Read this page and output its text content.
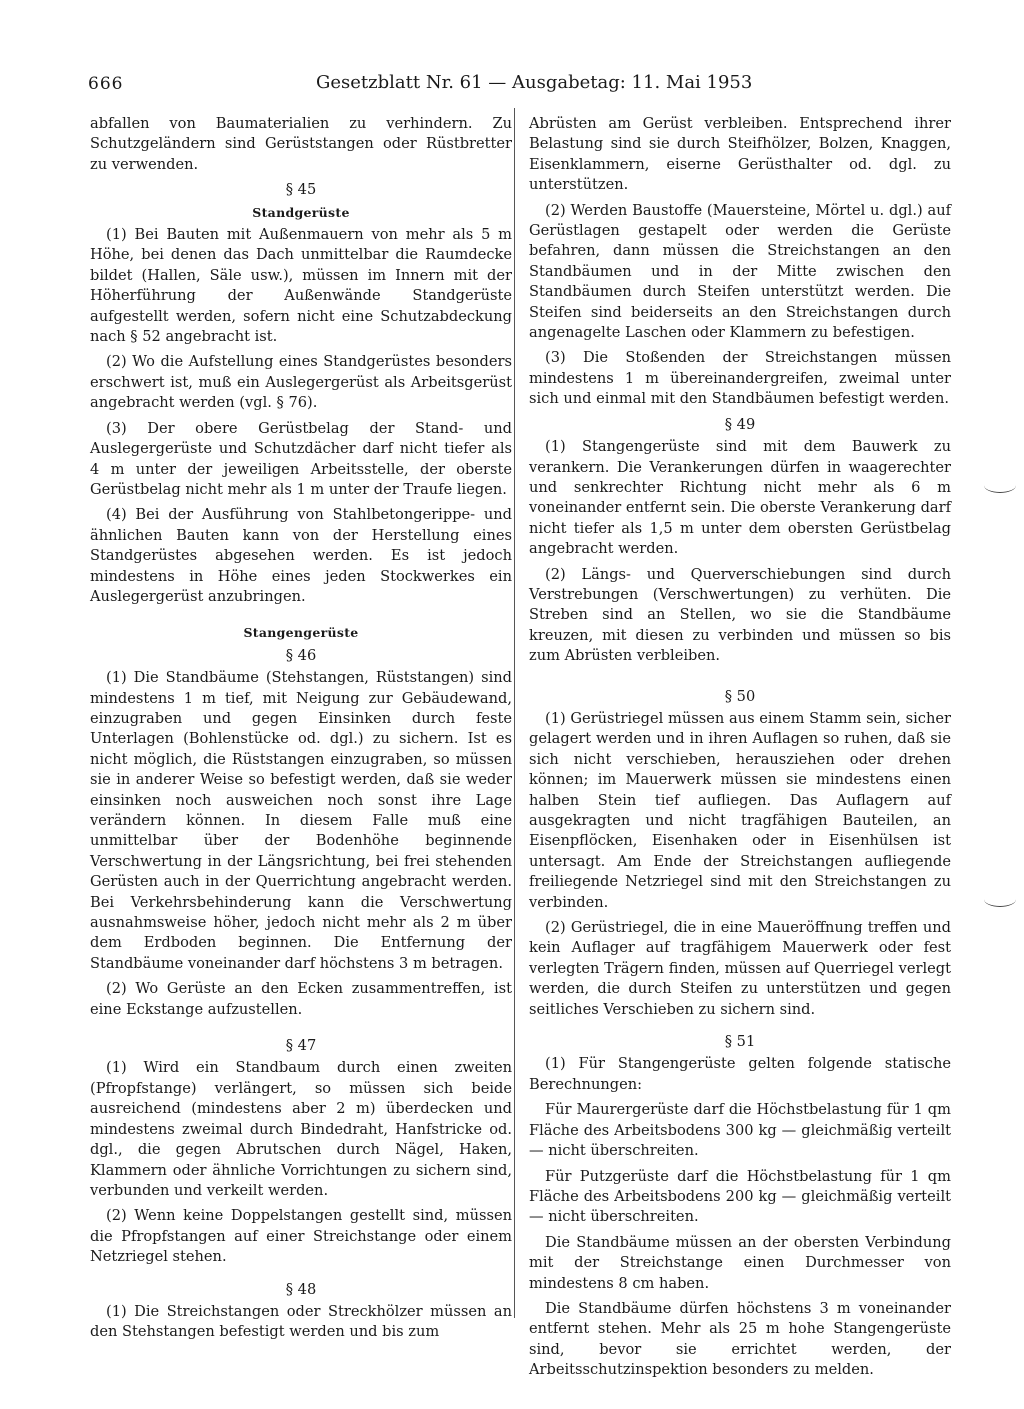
666	Gesetzblatt Nr. 61 — Ausgabetag: 11. Mai 1953

abfallen von Baumaterialien zu verhindern. Zu Schutzgeländern sind Gerüststangen oder Rüstbretter zu verwenden.

§ 45
Standgerüste

(1) Bei Bauten mit Außenmauern von mehr als 5 m Höhe, bei denen das Dach unmittelbar die Raumdecke bildet (Hallen, Säle usw.), müssen im Innern mit der Höherführung der Außenwände Standgerüste aufgestellt werden, sofern nicht eine Schutzabdeckung nach § 52 angebracht ist.

(2) Wo die Aufstellung eines Standgerüstes besonders erschwert ist, muß ein Auslegergerüst als Arbeitsgerüst angebracht werden (vgl. § 76).

(3) Der obere Gerüstbelag der Stand- und Auslegergerüste und Schutzdächer darf nicht tiefer als 4 m unter der jeweiligen Arbeitsstelle, der oberste Gerüstbelag nicht mehr als 1 m unter der Traufe liegen.

(4) Bei der Ausführung von Stahlbetongerippe- und ähnlichen Bauten kann von der Herstellung eines Standgerüstes abgesehen werden. Es ist jedoch mindestens in Höhe eines jeden Stockwerkes ein Auslegergerüst anzubringen.

Stangengerüste
§ 46

(1) Die Standbäume (Stehstangen, Rüststangen) sind mindestens 1 m tief, mit Neigung zur Gebäudewand, einzugraben und gegen Einsinken durch feste Unterlagen (Bohlenstücke od. dgl.) zu sichern. Ist es nicht möglich, die Rüststangen einzugraben, so müssen sie in anderer Weise so befestigt werden, daß sie weder einsinken noch ausweichen noch sonst ihre Lage verändern können. In diesem Falle muß eine unmittelbar über der Bodenhöhe beginnende Verschwertung in der Längsrichtung, bei frei stehenden Gerüsten auch in der Querrichtung angebracht werden. Bei Verkehrsbehinderung kann die Verschwertung ausnahmsweise höher, jedoch nicht mehr als 2 m über dem Erdboden beginnen. Die Entfernung der Standbäume voneinander darf höchstens 3 m betragen.

(2) Wo Gerüste an den Ecken zusammentreffen, ist eine Eckstange aufzustellen.

§ 47

(1) Wird ein Standbaum durch einen zweiten (Pfropfstange) verlängert, so müssen sich beide ausreichend (mindestens aber 2 m) überdecken und mindestens zweimal durch Bindedraht, Hanfstricke od. dgl., die gegen Abrutschen durch Nägel, Haken, Klammern oder ähnliche Vorrichtungen zu sichern sind, verbunden und verkeilt werden.

(2) Wenn keine Doppelstangen gestellt sind, müssen die Pfropfstangen auf einer Streichstange oder einem Netzriegel stehen.

§ 48

(1) Die Streichstangen oder Streckhölzer müssen an den Stehstangen befestigt werden und bis zum

Abrüsten am Gerüst verbleiben. Entsprechend ihrer Belastung sind sie durch Steifhölzer, Bolzen, Knaggen, Eisenklammern, eiserne Gerüsthalter od. dgl. zu unterstützen.

(2) Werden Baustoffe (Mauersteine, Mörtel u. dgl.) auf Gerüstlagen gestapelt oder werden die Gerüste befahren, dann müssen die Streichstangen an den Standbäumen und in der Mitte zwischen den Standbäumen durch Steifen unterstützt werden. Die Steifen sind beiderseits an den Streichstangen durch angenagelte Laschen oder Klammern zu befestigen.

(3) Die Stoßenden der Streichstangen müssen mindestens 1 m übereinandergreifen, zweimal unter sich und einmal mit den Standbäumen befestigt werden.

§ 49

(1) Stangengerüste sind mit dem Bauwerk zu verankern. Die Verankerungen dürfen in waagerechter und senkrechter Richtung nicht mehr als 6 m voneinander entfernt sein. Die oberste Verankerung darf nicht tiefer als 1,5 m unter dem obersten Gerüstbelag angebracht werden.

(2) Längs- und Querverschiebungen sind durch Verstrebungen (Verschwertungen) zu verhüten. Die Streben sind an Stellen, wo sie die Standbäume kreuzen, mit diesen zu verbinden und müssen so bis zum Abrüsten verbleiben.

§ 50

(1) Gerüstriegel müssen aus einem Stamm sein, sicher gelagert werden und in ihren Auflagen so ruhen, daß sie sich nicht verschieben, herausziehen oder drehen können; im Mauerwerk müssen sie mindestens einen halben Stein tief aufliegen. Das Auflagern auf ausgekragten und nicht tragfähigen Bauteilen, an Eisenpflöcken, Eisenhaken oder in Eisenhülsen ist untersagt. Am Ende der Streichstangen aufliegende freiliegende Netzriegel sind mit den Streichstangen zu verbinden.

(2) Gerüstriegel, die in eine Maueröffnung treffen und kein Auflager auf tragfähigem Mauerwerk oder fest verlegten Trägern finden, müssen auf Querriegel verlegt werden, die durch Steifen zu unterstützen und gegen seitliches Verschieben zu sichern sind.

§ 51

(1) Für Stangengerüste gelten folgende statische Berechnungen:

Für Maurergerüste darf die Höchstbelastung für 1 qm Fläche des Arbeitsbodens 300 kg — gleichmäßig verteilt — nicht überschreiten.

Für Putzgerüste darf die Höchstbelastung für 1 qm Fläche des Arbeitsbodens 200 kg — gleichmäßig verteilt — nicht überschreiten.

Die Standbäume müssen an der obersten Verbindung mit der Streichstange einen Durchmesser von mindestens 8 cm haben.

Die Standbäume dürfen höchstens 3 m voneinander entfernt stehen. Mehr als 25 m hohe Stangengerüste sind, bevor sie errichtet werden, der Arbeitsschutzinspektion besonders zu melden.
